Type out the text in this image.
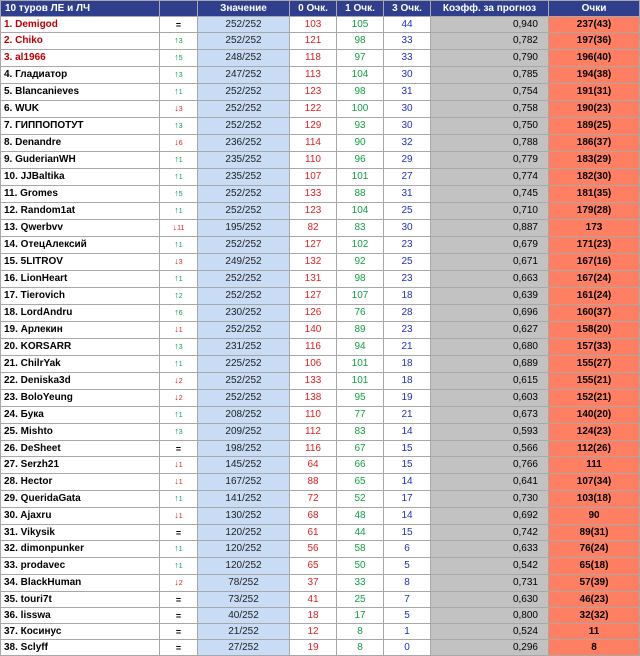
10 туров ЛЕ и ЛЧ		Значение	0 Очк.	1 Очк.	3 Очк.	Коэфф. за прогноз	Очки
1. Demigod	=	252/252	103	105	44	0,940	237(43)
2. Chiko	↑3	252/252	121	98	33	0,782	197(36)
3. al1966	↑5	248/252	118	97	33	0,790	196(40)
4. Гладиатор	↑3	247/252	113	104	30	0,785	194(38)
5. Blancanieves	↑1	252/252	123	98	31	0,754	191(31)
6. WUK	↓3	252/252	122	100	30	0,758	190(23)
7. ГИППОПОТУТ	↑3	252/252	129	93	30	0,750	189(25)
8. Denandre	↓6	236/252	114	90	32	0,788	186(37)
9. GuderianWH	↑1	235/252	110	96	29	0,779	183(29)
10. JJBaltika	↑1	235/252	107	101	27	0,774	182(30)
11. Gromes	↑5	252/252	133	88	31	0,745	181(35)
12. Random1at	↑1	252/252	123	104	25	0,710	179(28)
13. Qwerbvv	↓11	195/252	82	83	30	0,887	173
14. ОтецАлексий	↑1	252/252	127	102	23	0,679	171(23)
15. 5LITROV	↓3	249/252	132	92	25	0,671	167(16)
16. LionHeart	↑1	252/252	131	98	23	0,663	167(24)
17. Tierovich	↑2	252/252	127	107	18	0,639	161(24)
18. LordAndru	↑6	230/252	126	76	28	0,696	160(37)
19. Арлекин	↓1	252/252	140	89	23	0,627	158(20)
20. KORSARR	↑3	231/252	116	94	21	0,680	157(33)
21. ChilrYak	↑1	225/252	106	101	18	0,689	155(27)
22. Deniska3d	↓2	252/252	133	101	18	0,615	155(21)
23. BoloYeung	↓2	252/252	138	95	19	0,603	152(21)
24. Бука	↑1	208/252	110	77	21	0,673	140(20)
25. Mishto	↑3	209/252	112	83	14	0,593	124(23)
26. DeSheet	=	198/252	116	67	15	0,566	112(26)
27. Serzh21	↓1	145/252	64	66	15	0,766	111
28. Hector	↓1	167/252	88	65	14	0,641	107(34)
29. QueridaGata	↑1	141/252	72	52	17	0,730	103(18)
30. Ajaxru	↓1	130/252	68	48	14	0,692	90
31. Vikysik	=	120/252	61	44	15	0,742	89(31)
32. dimonpunker	↑1	120/252	56	58	6	0,633	76(24)
33. prodavec	↑1	120/252	65	50	5	0,542	65(18)
34. BlackHuman	↓2	78/252	37	33	8	0,731	57(39)
35. touri7t	=	73/252	41	25	7	0,630	46(23)
36. lisswa	=	40/252	18	17	5	0,800	32(32)
37. Косинус	=	21/252	12	8	1	0,524	11
38. Sclyff	=	27/252	19	8	0	0,296	8
